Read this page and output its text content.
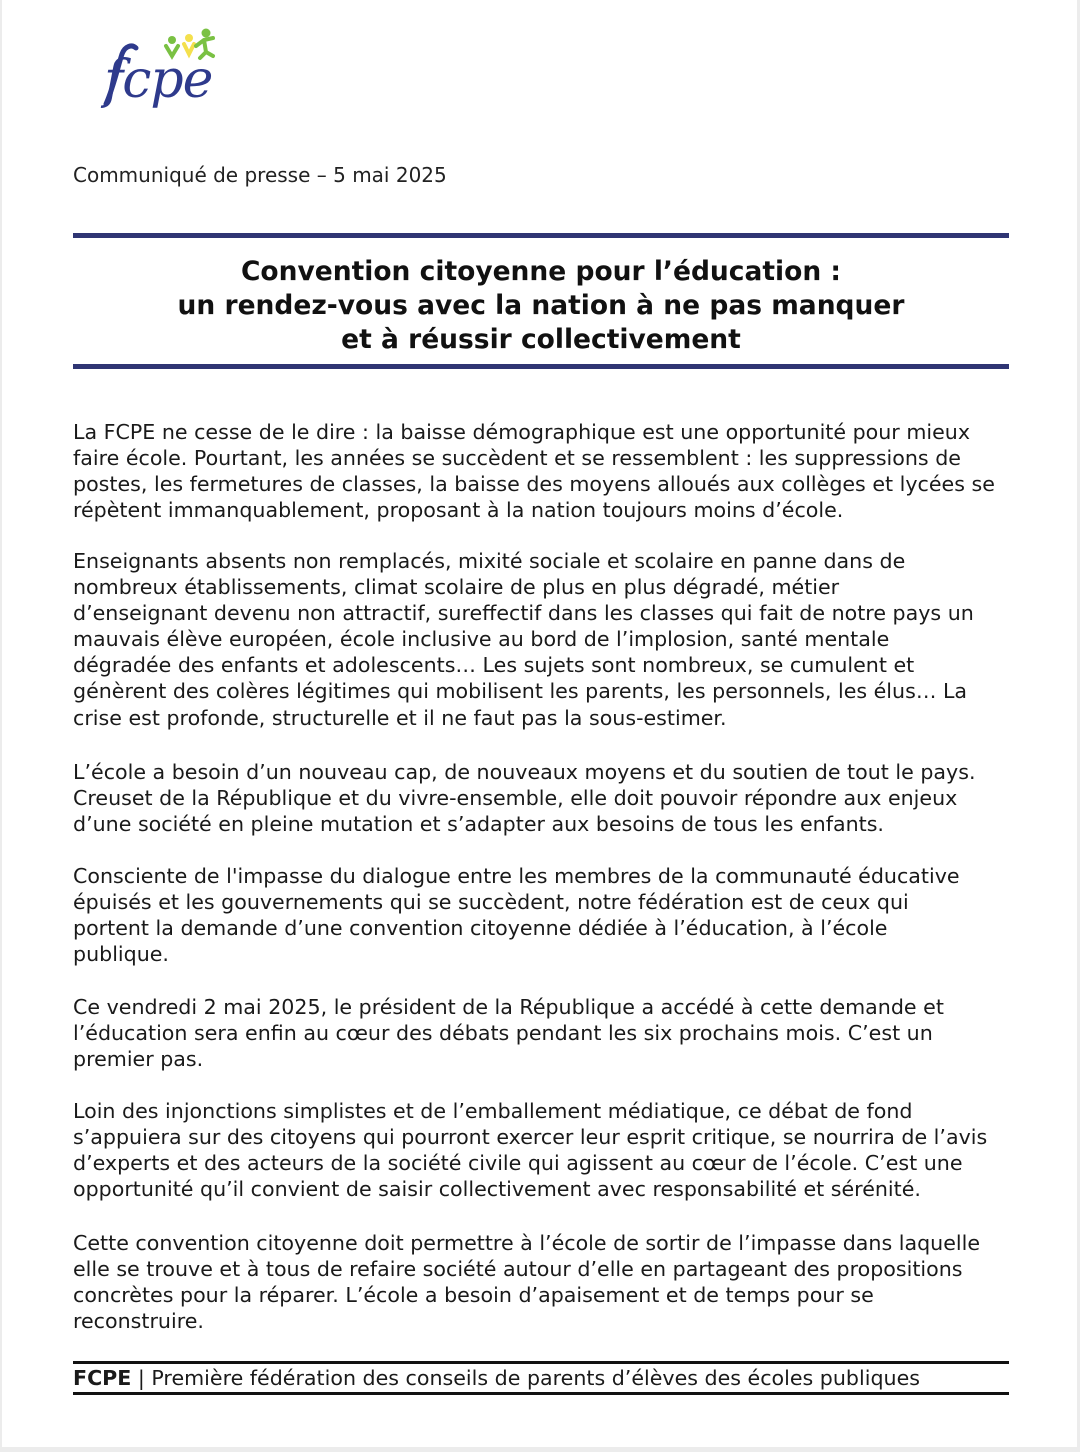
fcpe
Communiqué de presse – 5 mai 2025
Convention citoyenne pour l’éducation :
un rendez-vous avec la nation à ne pas manquer
et à réussir collectivement
La FCPE ne cesse de le dire : la baisse démographique est une opportunité pour mieux
faire école. Pourtant, les années se succèdent et se ressemblent : les suppressions de
postes, les fermetures de classes, la baisse des moyens alloués aux collèges et lycées se
répètent immanquablement, proposant à la nation toujours moins d’école.
Enseignants absents non remplacés, mixité sociale et scolaire en panne dans de
nombreux établissements, climat scolaire de plus en plus dégradé, métier
d’enseignant devenu non attractif, sureffectif dans les classes qui fait de notre pays un
mauvais élève européen, école inclusive au bord de l’implosion, santé mentale
dégradée des enfants et adolescents… Les sujets sont nombreux, se cumulent et
génèrent des colères légitimes qui mobilisent les parents, les personnels, les élus… La
crise est profonde, structurelle et il ne faut pas la sous-estimer.
L’école a besoin d’un nouveau cap, de nouveaux moyens et du soutien de tout le pays.
Creuset de la République et du vivre-ensemble, elle doit pouvoir répondre aux enjeux
d’une société en pleine mutation et s’adapter aux besoins de tous les enfants.
Consciente de l'impasse du dialogue entre les membres de la communauté éducative
épuisés et les gouvernements qui se succèdent, notre fédération est de ceux qui
portent la demande d’une convention citoyenne dédiée à l’éducation, à l’école
publique.
Ce vendredi 2 mai 2025, le président de la République a accédé à cette demande et
l’éducation sera enfin au cœur des débats pendant les six prochains mois. C’est un
premier pas.
Loin des injonctions simplistes et de l’emballement médiatique, ce débat de fond
s’appuiera sur des citoyens qui pourront exercer leur esprit critique, se nourrira de l’avis
d’experts et des acteurs de la société civile qui agissent au cœur de l’école. C’est une
opportunité qu’il convient de saisir collectivement avec responsabilité et sérénité.
Cette convention citoyenne doit permettre à l’école de sortir de l’impasse dans laquelle
elle se trouve et à tous de refaire société autour d’elle en partageant des propositions
concrètes pour la réparer. L’école a besoin d’apaisement et de temps pour se
reconstruire.
FCPE | Première fédération des conseils de parents d’élèves des écoles publiques
